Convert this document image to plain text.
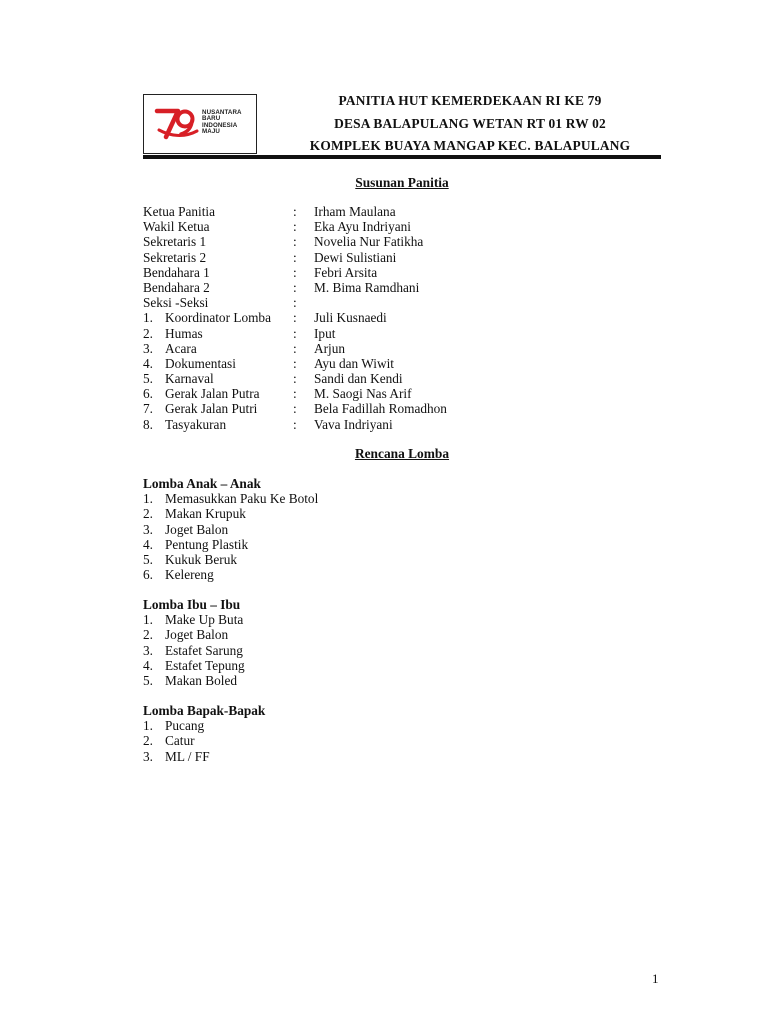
NUSANTARA
BARU
INDONESIA
MAJU
PANITIA HUT KEMERDEKAAN RI KE 79
DESA BALAPULANG WETAN RT 01 RW 02
KOMPLEK BUAYA MANGAP KEC. BALAPULANG
Susunan Panitia
Ketua Panitia	: Irham Maulana
Wakil Ketua	: Eka Ayu Indriyani
Sekretaris 1	: Novelia Nur Fatikha
Sekretaris 2	: Dewi Sulistiani
Bendahara 1	: Febri Arsita
Bendahara 2	: M. Bima Ramdhani
Seksi -Seksi	:
1. Koordinator Lomba : Juli Kusnaedi
2. Humas	: Iput
3. Acara	: Arjun
4. Dokumentasi	: Ayu dan Wiwit
5. Karnaval	: Sandi dan Kendi
6. Gerak Jalan Putra	: M. Saogi Nas Arif
7. Gerak Jalan Putri	: Bela Fadillah Romadhon
8. Tasyakuran	: Vava Indriyani
Rencana Lomba
Lomba Anak – Anak
1. Memasukkan Paku Ke Botol
2. Makan Krupuk
3. Joget Balon
4. Pentung Plastik
5. Kukuk Beruk
6. Kelereng
Lomba Ibu – Ibu
1. Make Up Buta
2. Joget Balon
3. Estafet Sarung
4. Estafet Tepung
5. Makan Boled
Lomba Bapak-Bapak
1. Pucang
2. Catur
3. ML / FF
1
